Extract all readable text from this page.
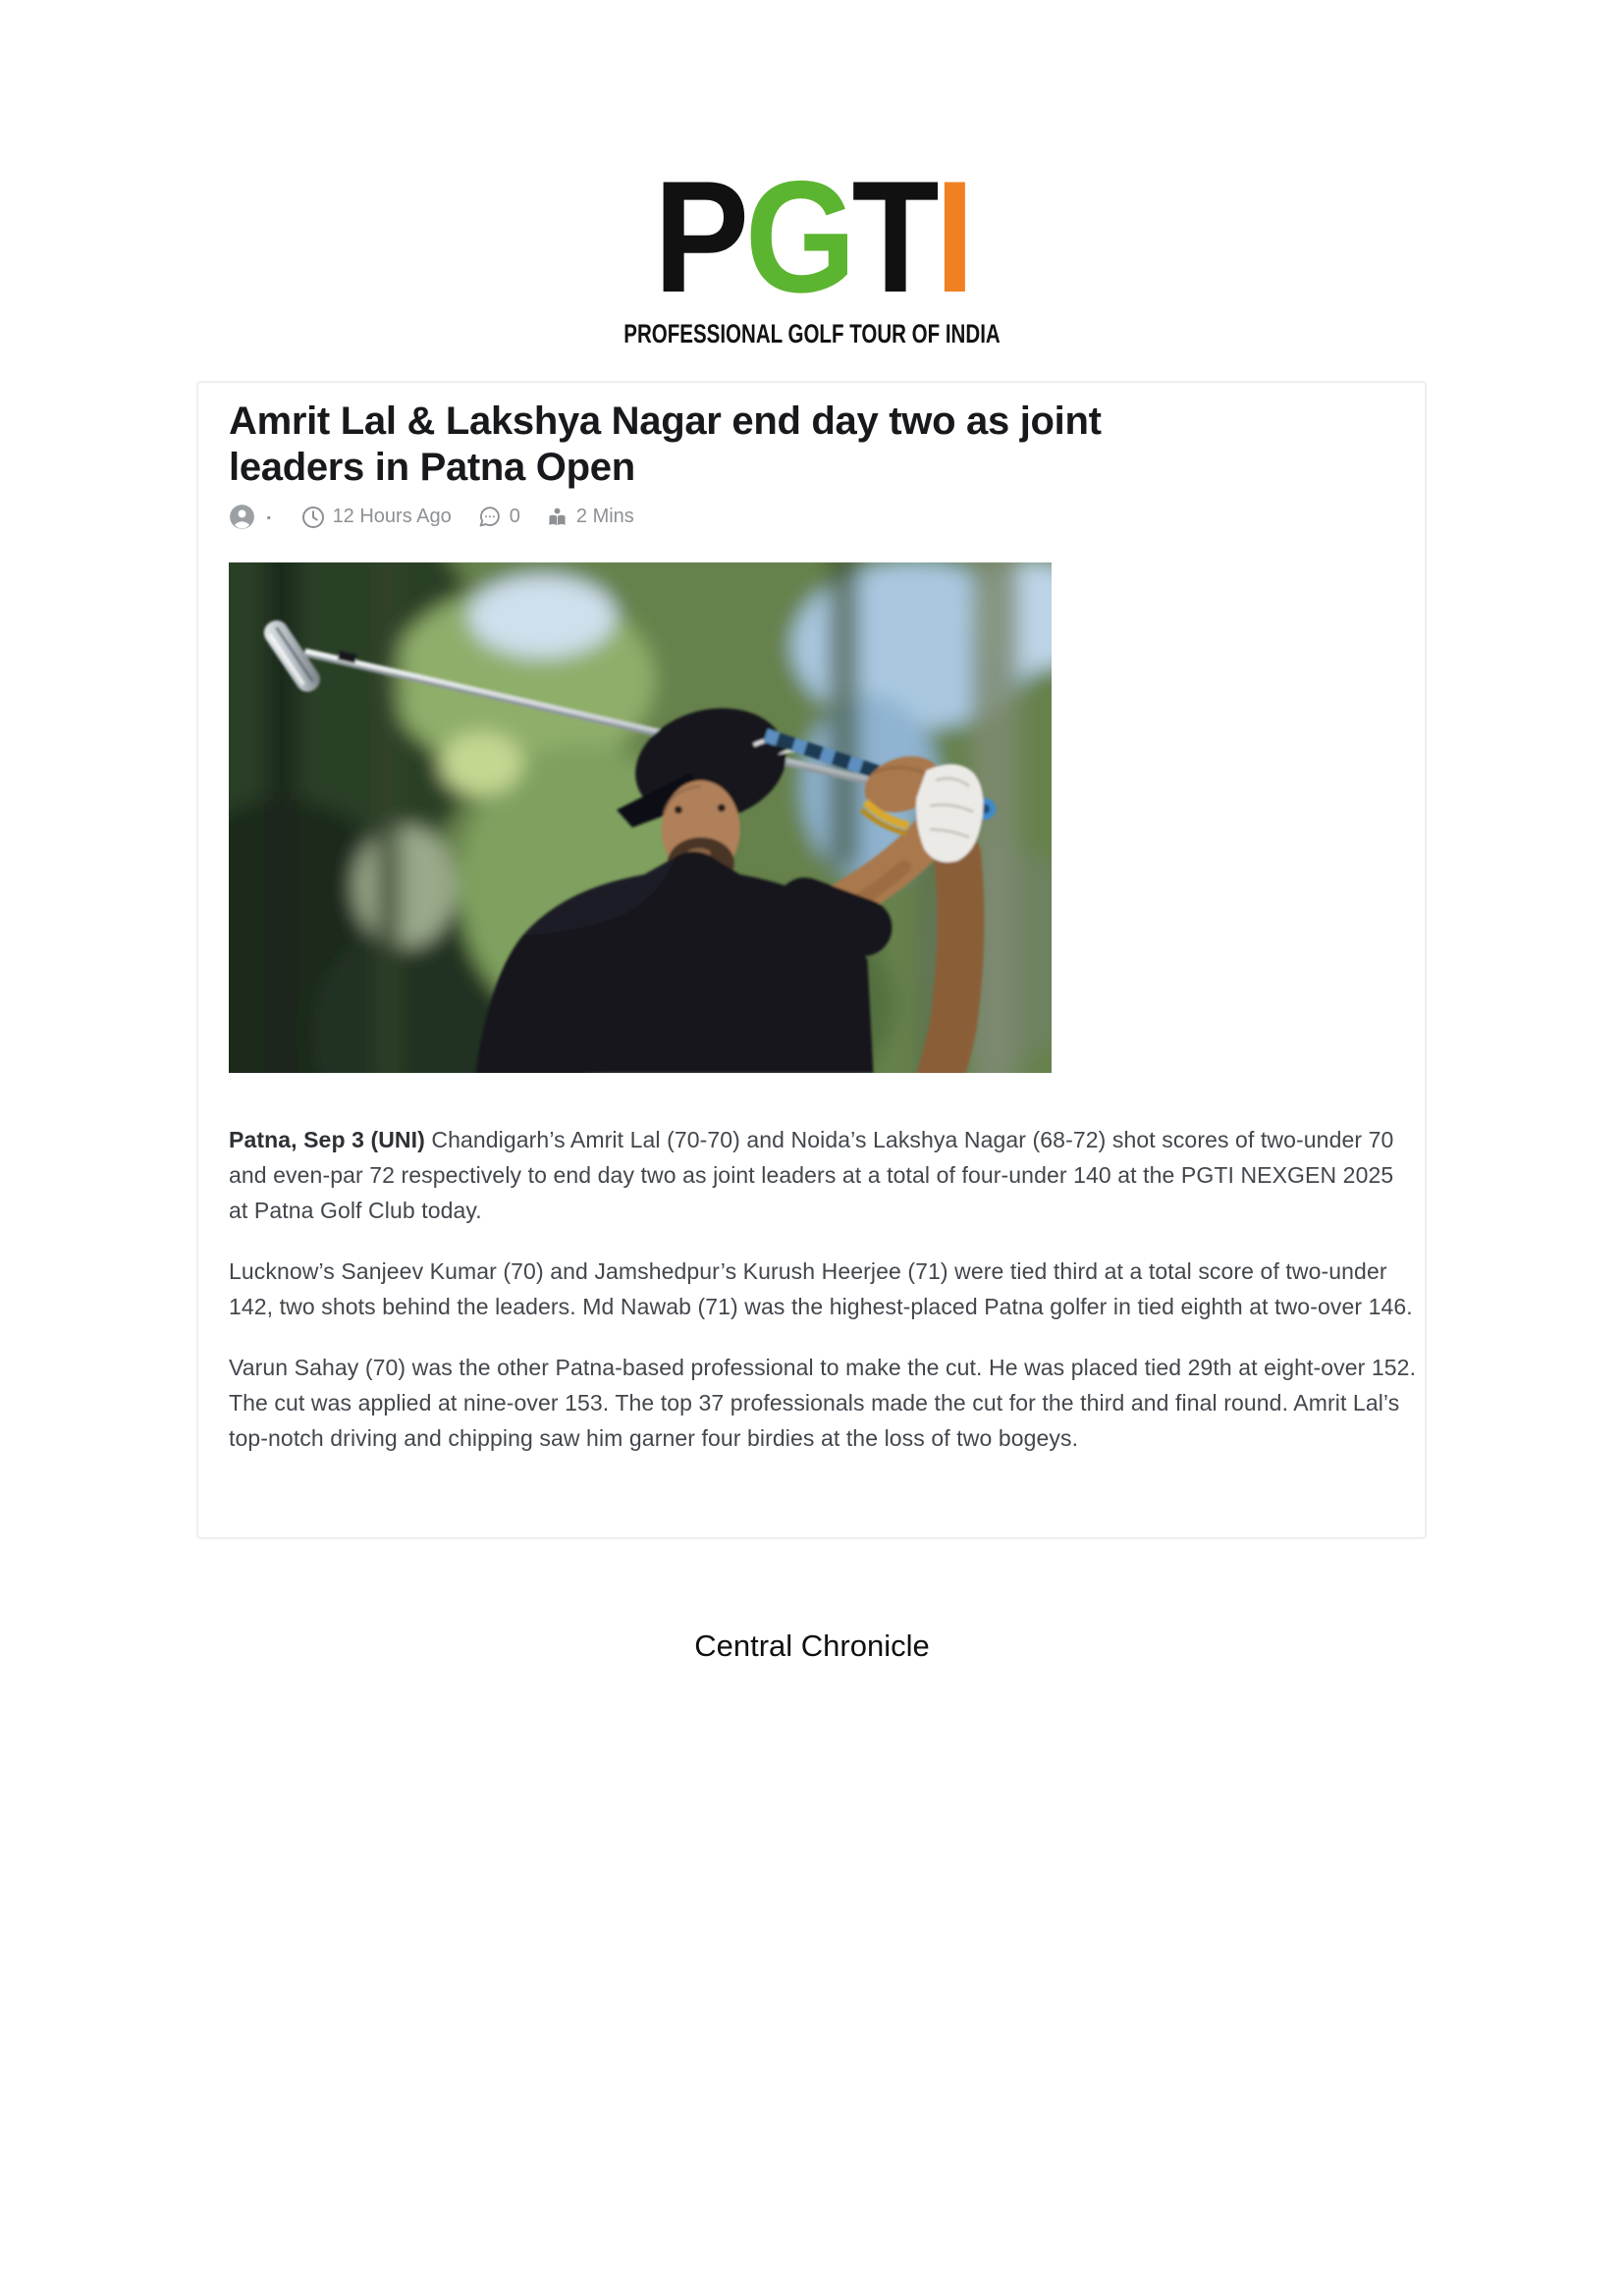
PGTI
PROFESSIONAL GOLF TOUR OF INDIA
Amrit Lal & Lakshya Nagar end day two as joint leaders in Patna Open
.	12 Hours Ago	0	2 Mins

Patna, Sep 3 (UNI) Chandigarh’s Amrit Lal (70-70) and Noida’s Lakshya Nagar (68-72) shot scores of two-under 70 and even-par 72 respectively to end day two as joint leaders at a total of four-under 140 at the PGTI NEXGEN 2025 at Patna Golf Club today.

Lucknow’s Sanjeev Kumar (70) and Jamshedpur’s Kurush Heerjee (71) were tied third at a total score of two-under 142, two shots behind the leaders. Md Nawab (71) was the highest-placed Patna golfer in tied eighth at two-over 146.

Varun Sahay (70) was the other Patna-based professional to make the cut. He was placed tied 29th at eight-over 152. The cut was applied at nine-over 153. The top 37 professionals made the cut for the third and final round. Amrit Lal’s top-notch driving and chipping saw him garner four birdies at the loss of two bogeys.

Central Chronicle
